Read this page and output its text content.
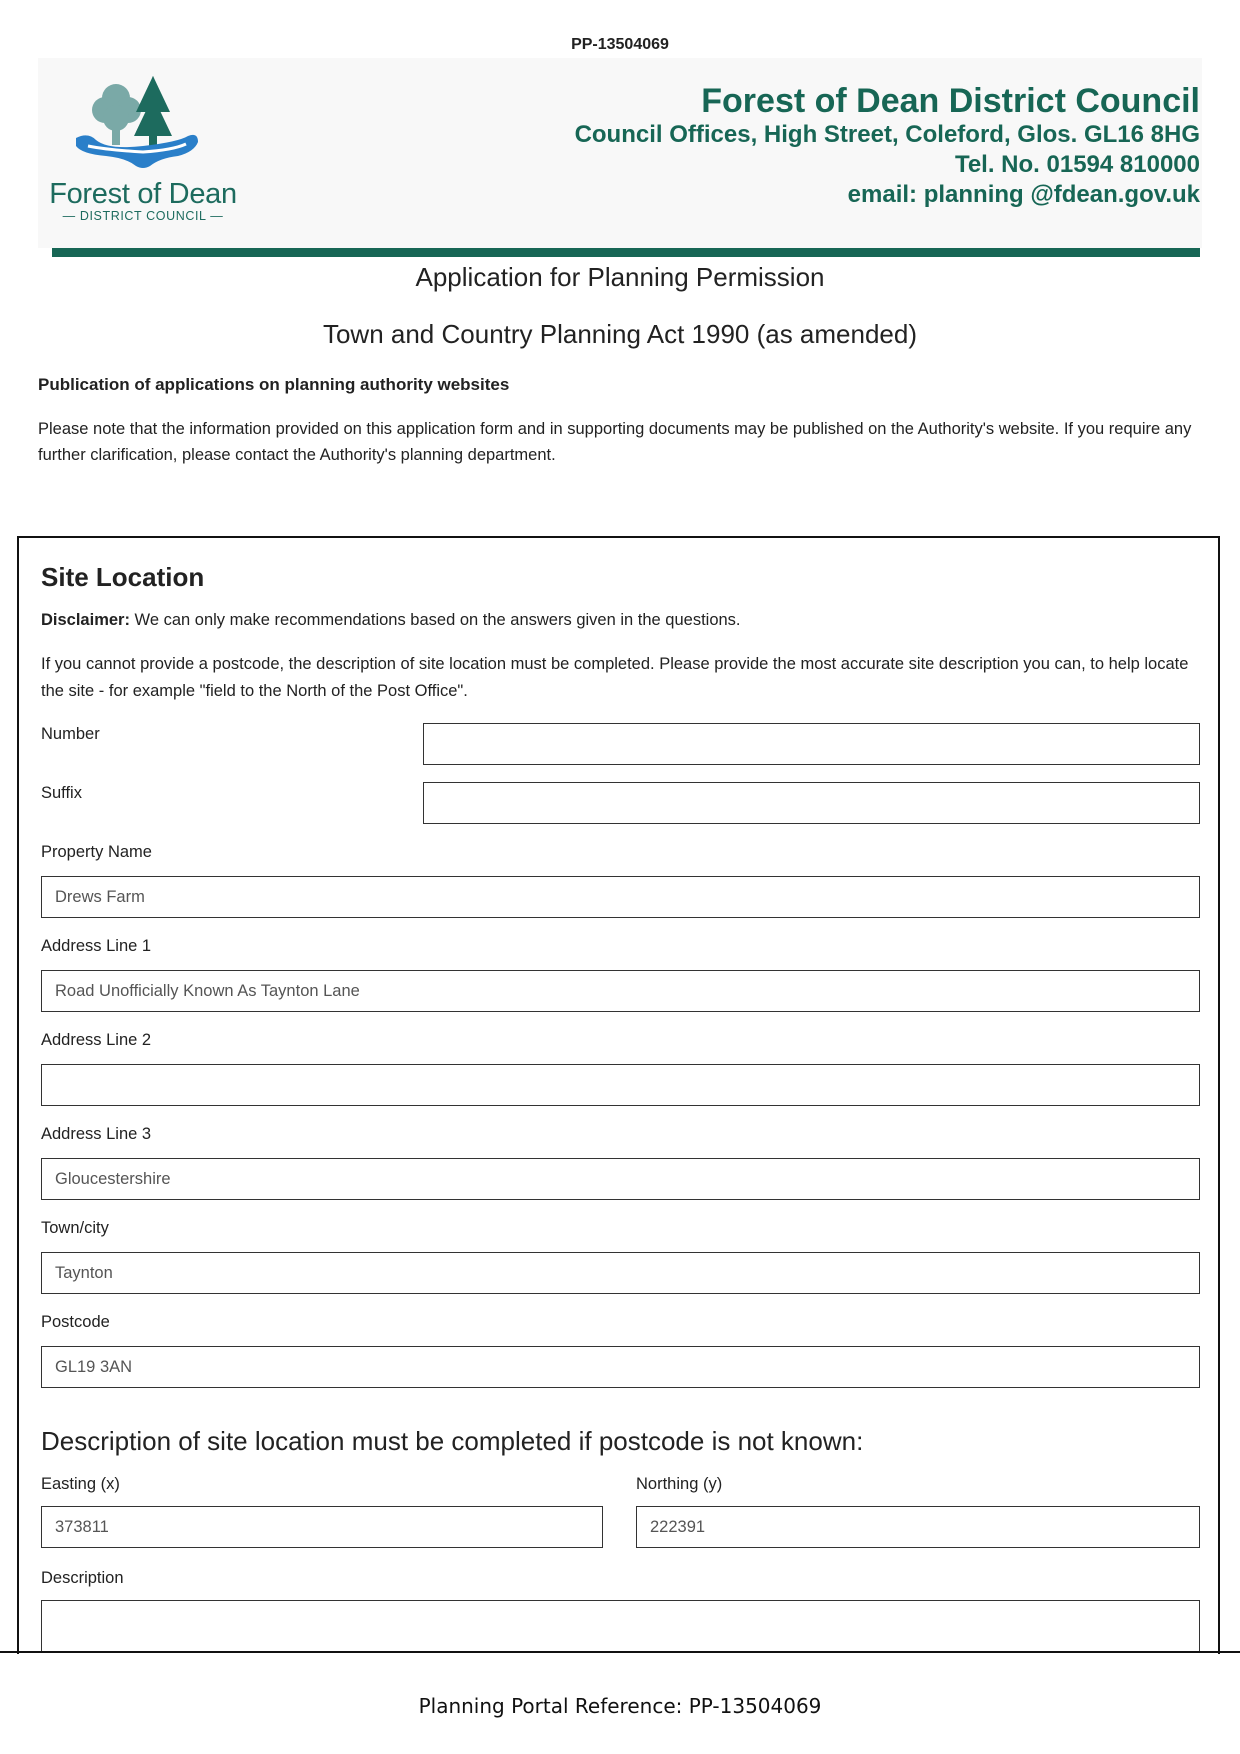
PP-13504069
Forest of Dean
— DISTRICT COUNCIL —
Forest of Dean District Council
Council Offices, High Street, Coleford, Glos. GL16 8HG
Tel. No. 01594 810000
email: planning @fdean.gov.uk
Application for Planning Permission
Town and Country Planning Act 1990 (as amended)
Publication of applications on planning authority websites
Please note that the information provided on this application form and in supporting documents may be published on the Authority's website. If you require any further clarification, please contact the Authority's planning department.
Site Location
Disclaimer: We can only make recommendations based on the answers given in the questions.
If you cannot provide a postcode, the description of site location must be completed. Please provide the most accurate site description you can, to help locate the site - for example "field to the North of the Post Office".
Number
Suffix
Property Name
Drews Farm
Address Line 1
Road Unofficially Known As Taynton Lane
Address Line 2
Address Line 3
Gloucestershire
Town/city
Taynton
Postcode
GL19 3AN
Description of site location must be completed if postcode is not known:
Easting (x)
373811
Northing (y)
222391
Description
Planning Portal Reference: PP-13504069
